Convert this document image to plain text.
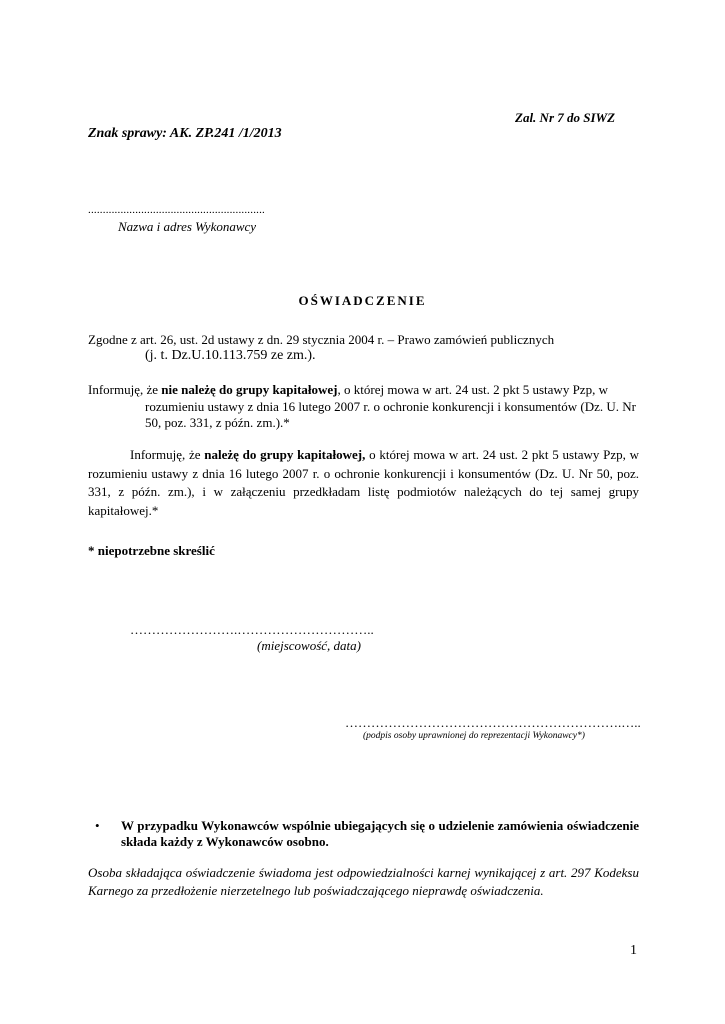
Zal. Nr 7 do SIWZ
Znak sprawy: AK. ZP.241 /1/2013
............................................................
Nazwa i adres Wykonawcy
OŚWIADCZENIE
Zgodne z art. 26, ust. 2d ustawy z dn. 29 stycznia 2004 r. – Prawo zamówień publicznych
(j. t. Dz.U.10.113.759 ze zm.).
Informuję, że nie należę do grupy kapitałowej, o której mowa w art. 24 ust. 2 pkt 5 ustawy Pzp, w
rozumieniu ustawy z dnia 16 lutego 2007 r. o ochronie konkurencji i konsumentów (Dz. U. Nr 50, poz. 331, z późn. zm.).*
Informuję, że należę do grupy kapitałowej, o której mowa w art. 24 ust. 2 pkt 5 ustawy Pzp, w rozumieniu ustawy z dnia 16 lutego 2007 r. o ochronie konkurencji i konsumentów (Dz. U. Nr 50, poz. 331, z późn. zm.), i w załączeniu przedkładam listę podmiotów należących do tej samej grupy kapitałowej.*
* niepotrzebne skreślić
…………………….…………………………..
(miejscowość, data)
……………………………………………………….…..
(podpis osoby uprawnionej do reprezentacji Wykonawcy*)
• W przypadku Wykonawców wspólnie ubiegających się o udzielenie zamówienia oświadczenie składa każdy z Wykonawców osobno.
Osoba składająca oświadczenie świadoma jest odpowiedzialności karnej wynikającej z art. 297 Kodeksu Karnego za przedłożenie nierzetelnego lub poświadczającego nieprawdę oświadczenia.
1
